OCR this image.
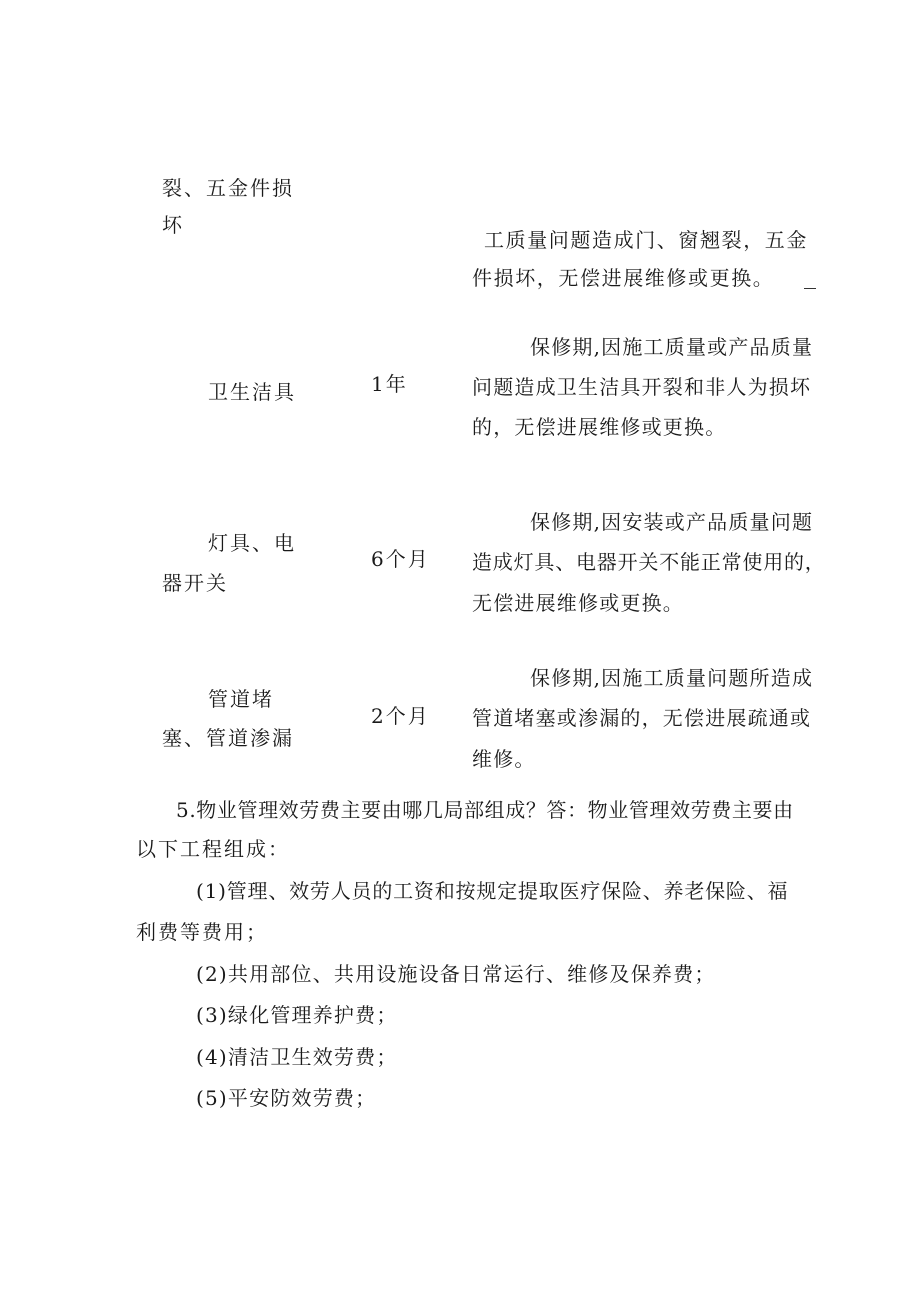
裂、五金件损
坏
工质量问题造成门、窗翘裂，五金
件损坏，无偿进展维修或更换。
卫生洁具	1年
保修期,因施工质量或产品质量
问题造成卫生洁具开裂和非人为损坏
的，无偿进展维修或更换。
灯具、电
器开关
6个月
保修期,因安装或产品质量问题
造成灯具、电器开关不能正常使用的，
无偿进展维修或更换。
管道堵
塞、管道渗漏
2个月
保修期,因施工质量问题所造成
管道堵塞或渗漏的，无偿进展疏通或
维修。
5.物业管理效劳费主要由哪几局部组成？答：物业管理效劳费主要由
以下工程组成：
(1)管理、效劳人员的工资和按规定提取医疗保险、养老保险、福
利费等费用；
(2)共用部位、共用设施设备日常运行、维修及保养费；
(3)绿化管理养护费；
(4)清洁卫生效劳费；
(5)平安防效劳费；
